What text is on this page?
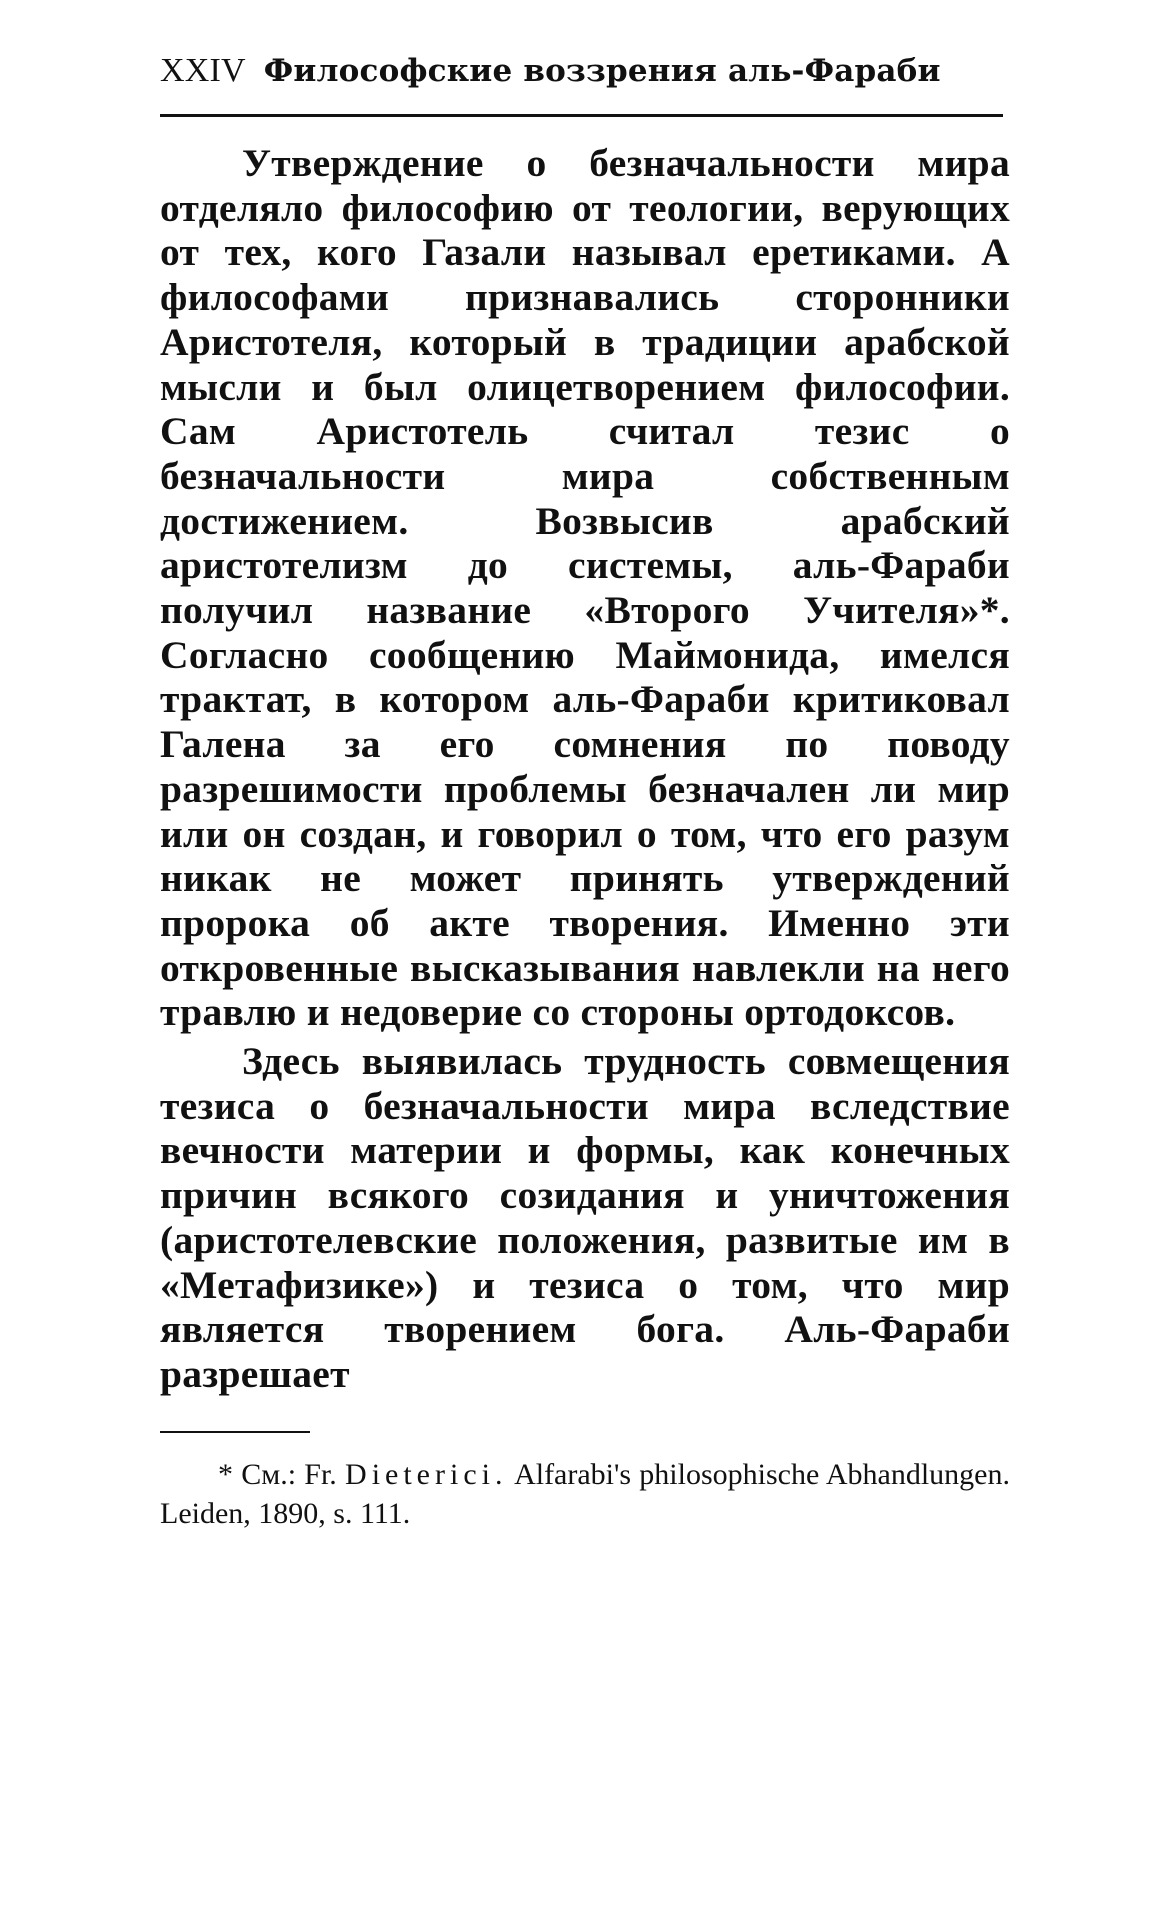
XXIV Философские воззрения аль-Фараби

Утверждение о безначальности мира отделяло философию от теологии, верующих от тех, кого Газали называл еретиками. А философами признавались сторонники Аристотеля, который в традиции арабской мысли и был олицетворением философии. Сам Аристотель считал тезис о безначальности мира собственным достижением. Возвысив арабский аристотелизм до системы, аль-Фараби получил название «Второго Учителя»*. Согласно сообщению Маймонида, имелся трактат, в котором аль-Фараби критиковал Галена за его сомнения по поводу разрешимости проблемы безначален ли мир или он создан, и говорил о том, что его разум никак не может принять утверждений пророка об акте творения. Именно эти откровенные высказывания навлекли на него травлю и недоверие со стороны ортодоксов.

Здесь выявилась трудность совмещения тезиса о безначальности мира вследствие вечности материи и формы, как конечных причин всякого созидания и уничтожения (аристотелевские положения, развитые им в «Метафизике») и тезиса о том, что мир является творением бога. Аль-Фараби разрешает

* См.: Fr. Dieterici. Alfarabi's philosophische Abhandlungen. Leiden, 1890, s. 111.
